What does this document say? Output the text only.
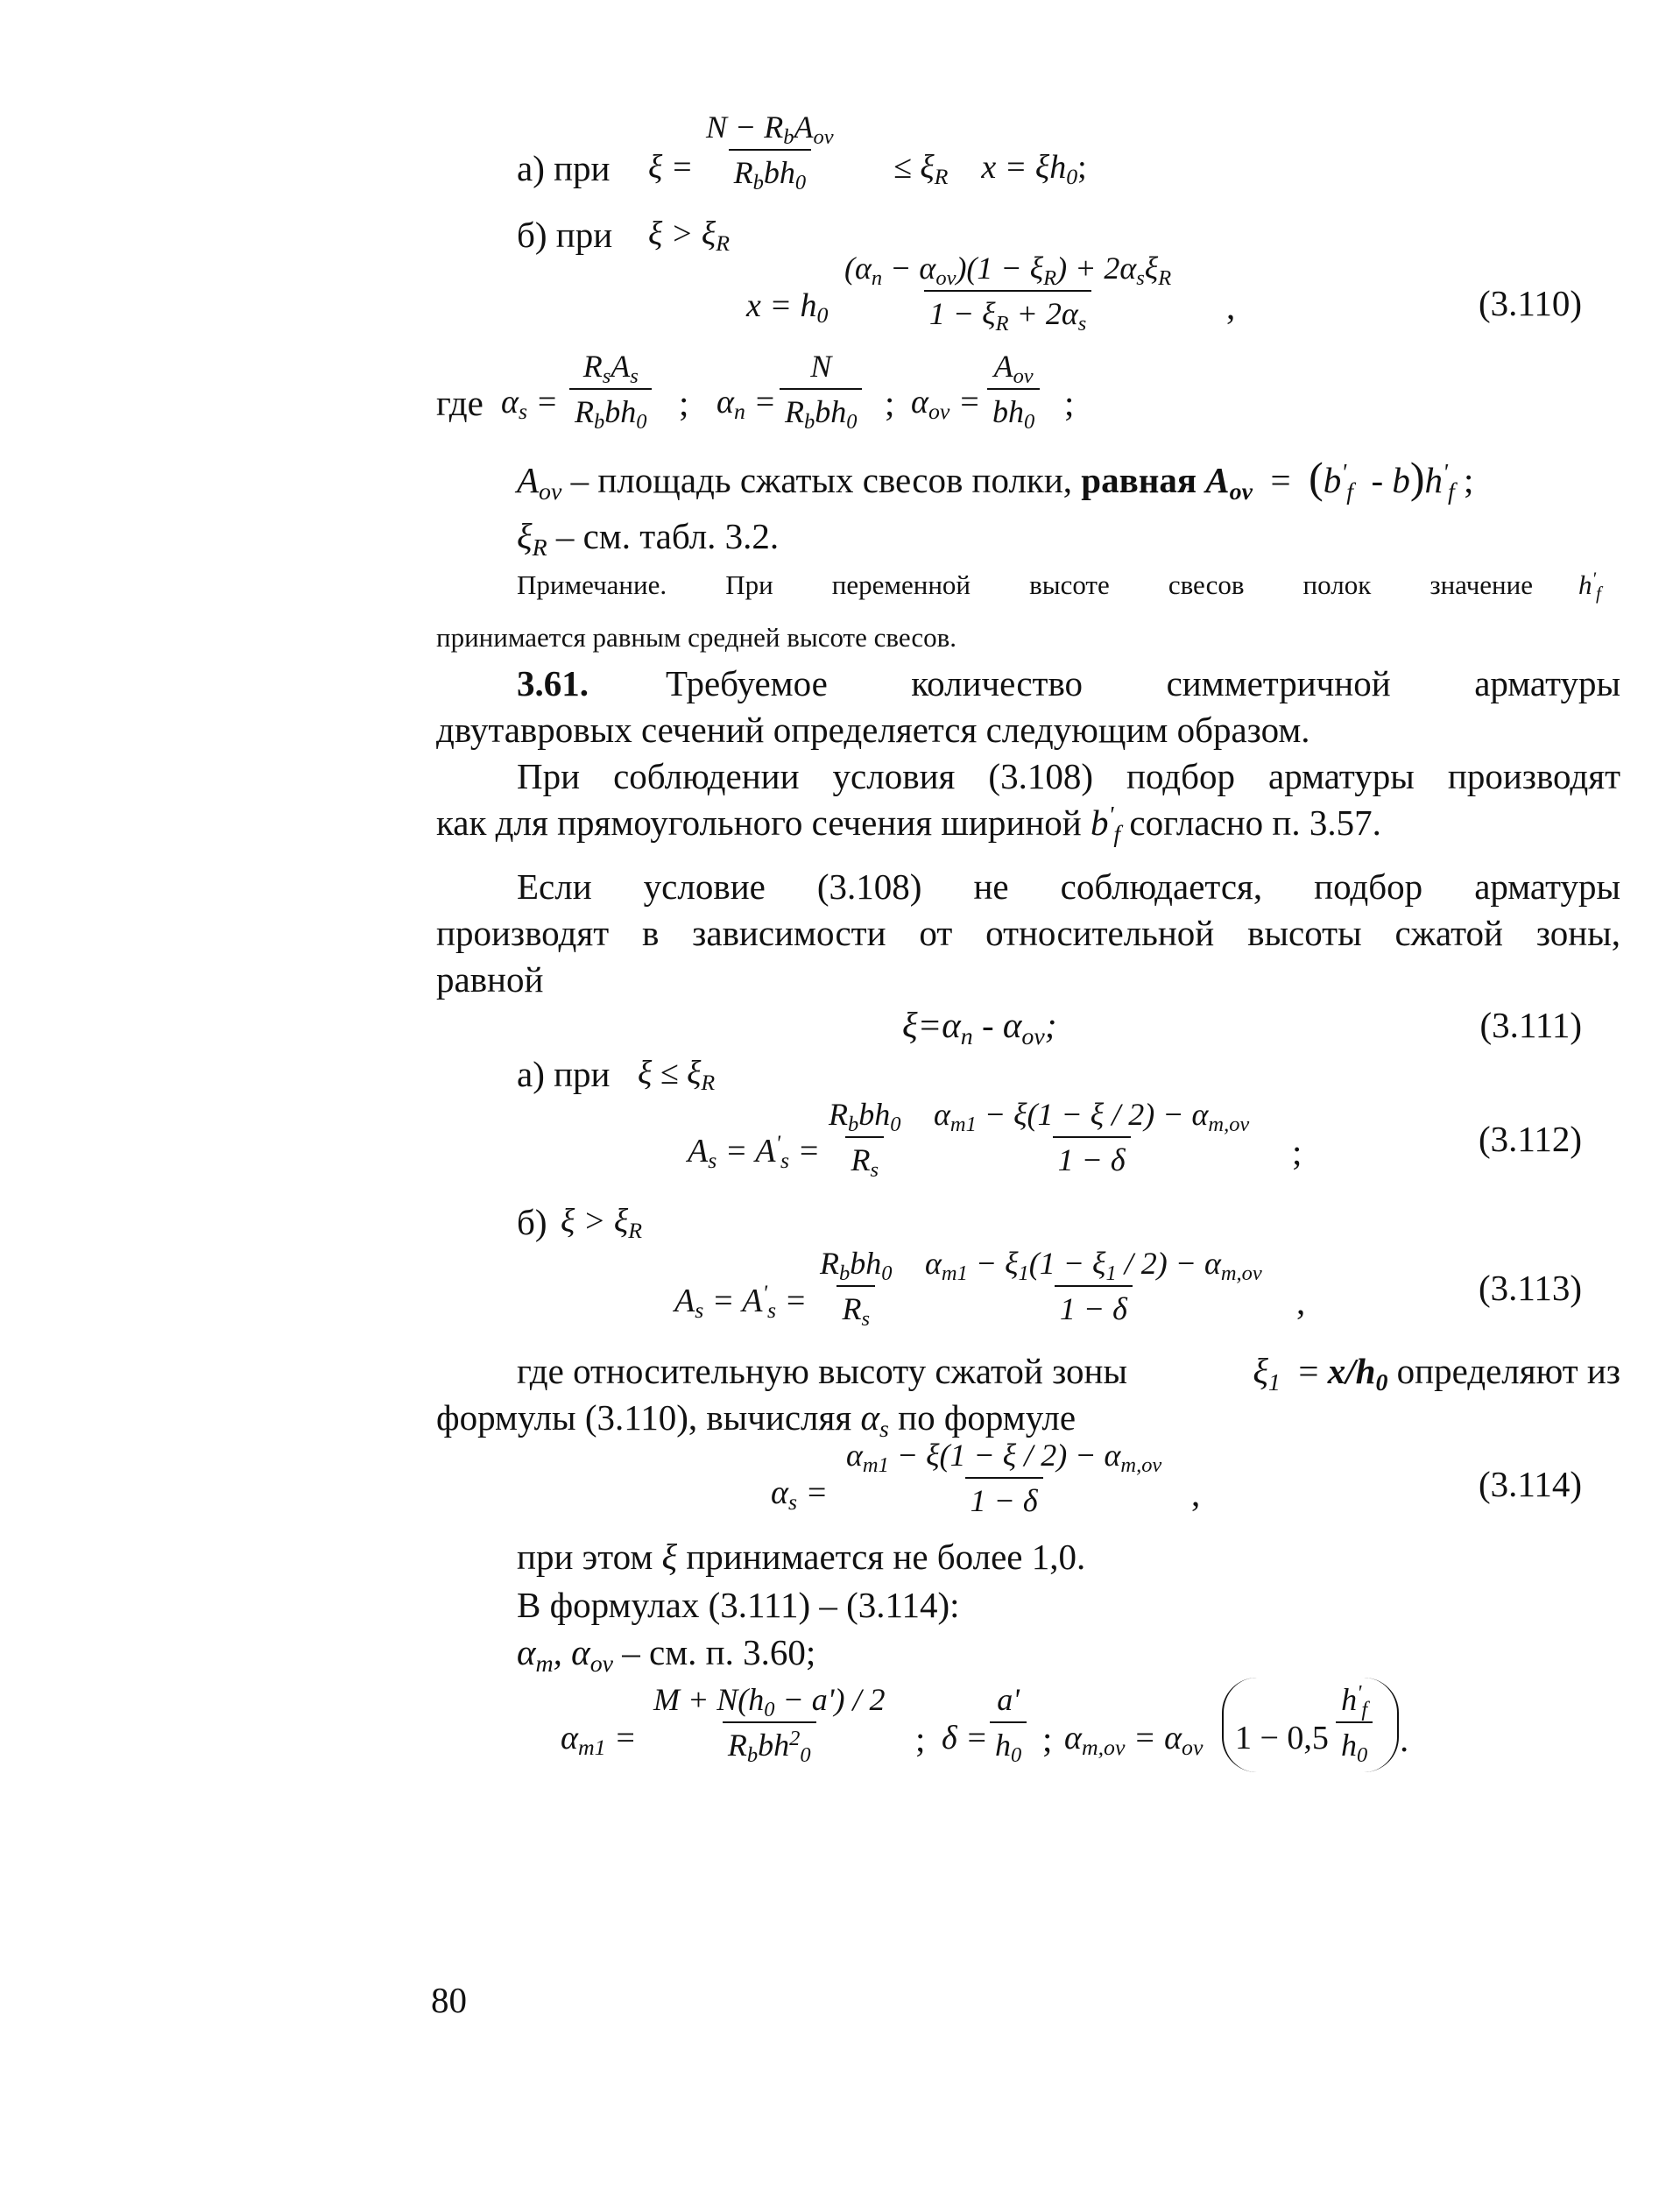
а) при ξ =
N − RbAov
Rbbh0	≤ ξR    x = ξh0;
б) при ξ > ξR
x = h0
(αn − αov)(1 − ξR) + 2αsξR
1 − ξR + 2αs	,	(3.110)
где αs =
RsAs
Rbbh0 ; αn =
N
Rbbh0 ; αov =
Aov
bh0 ;
Aov – площадь сжатых свесов полки, равная Aov  =  (b'f  - b)h'f ;
ξR – см. табл. 3.2.
Примечание. При переменной высоте свесов полок значение h'f
принимается равным средней высоте свесов.
3.61. Требуемое количество симметричной арматуры
двутавровых сечений определяется следующим образом.
При соблюдении условия (3.108) подбор арматуры производят
как для прямоугольного сечения шириной b'f согласно п. 3.57.
Если условие (3.108) не соблюдается, подбор арматуры
производят в зависимости от относительной высоты сжатой зоны,
равной
ξ=αn - αov;	(3.111)
а) при ξ ≤ ξR
As = A's =
Rbbh0
Rs $\frac{\alpha m1 - \xi(1 - \xi / 2) - \alpha m,ov}{1 - \delta}$ ;	(3.112)
б) ξ > ξR
As = A's =
Rbbh0
Rs $\frac{\alpha m1 - \xi 1(1 - \xi 1 / 2) - \alpha m,ov}{1 - \delta}$ ,	(3.113)
где относительную высоту сжатой зоны	ξ1  = x/h0 определяют из
формулы (3.110), вычисляя αs по формуле
$\alpha s = \frac{\alpha m1 - \xi(1 - \xi / 2) - \alpha m,ov}{1 - \delta}$ ,	(3.114)
при этом ξ принимается не более 1,0.
В формулах (3.111) – (3.114):
αm, αov – см. п. 3.60;
αm1 =
M + N(h0 − a') / 2
Rbbh$^2$0	; $\delta = \frac{a'}{h0}$ ; αm,ov = αov $1 - 0,5 \frac{h'f}{h0}$ .
80
